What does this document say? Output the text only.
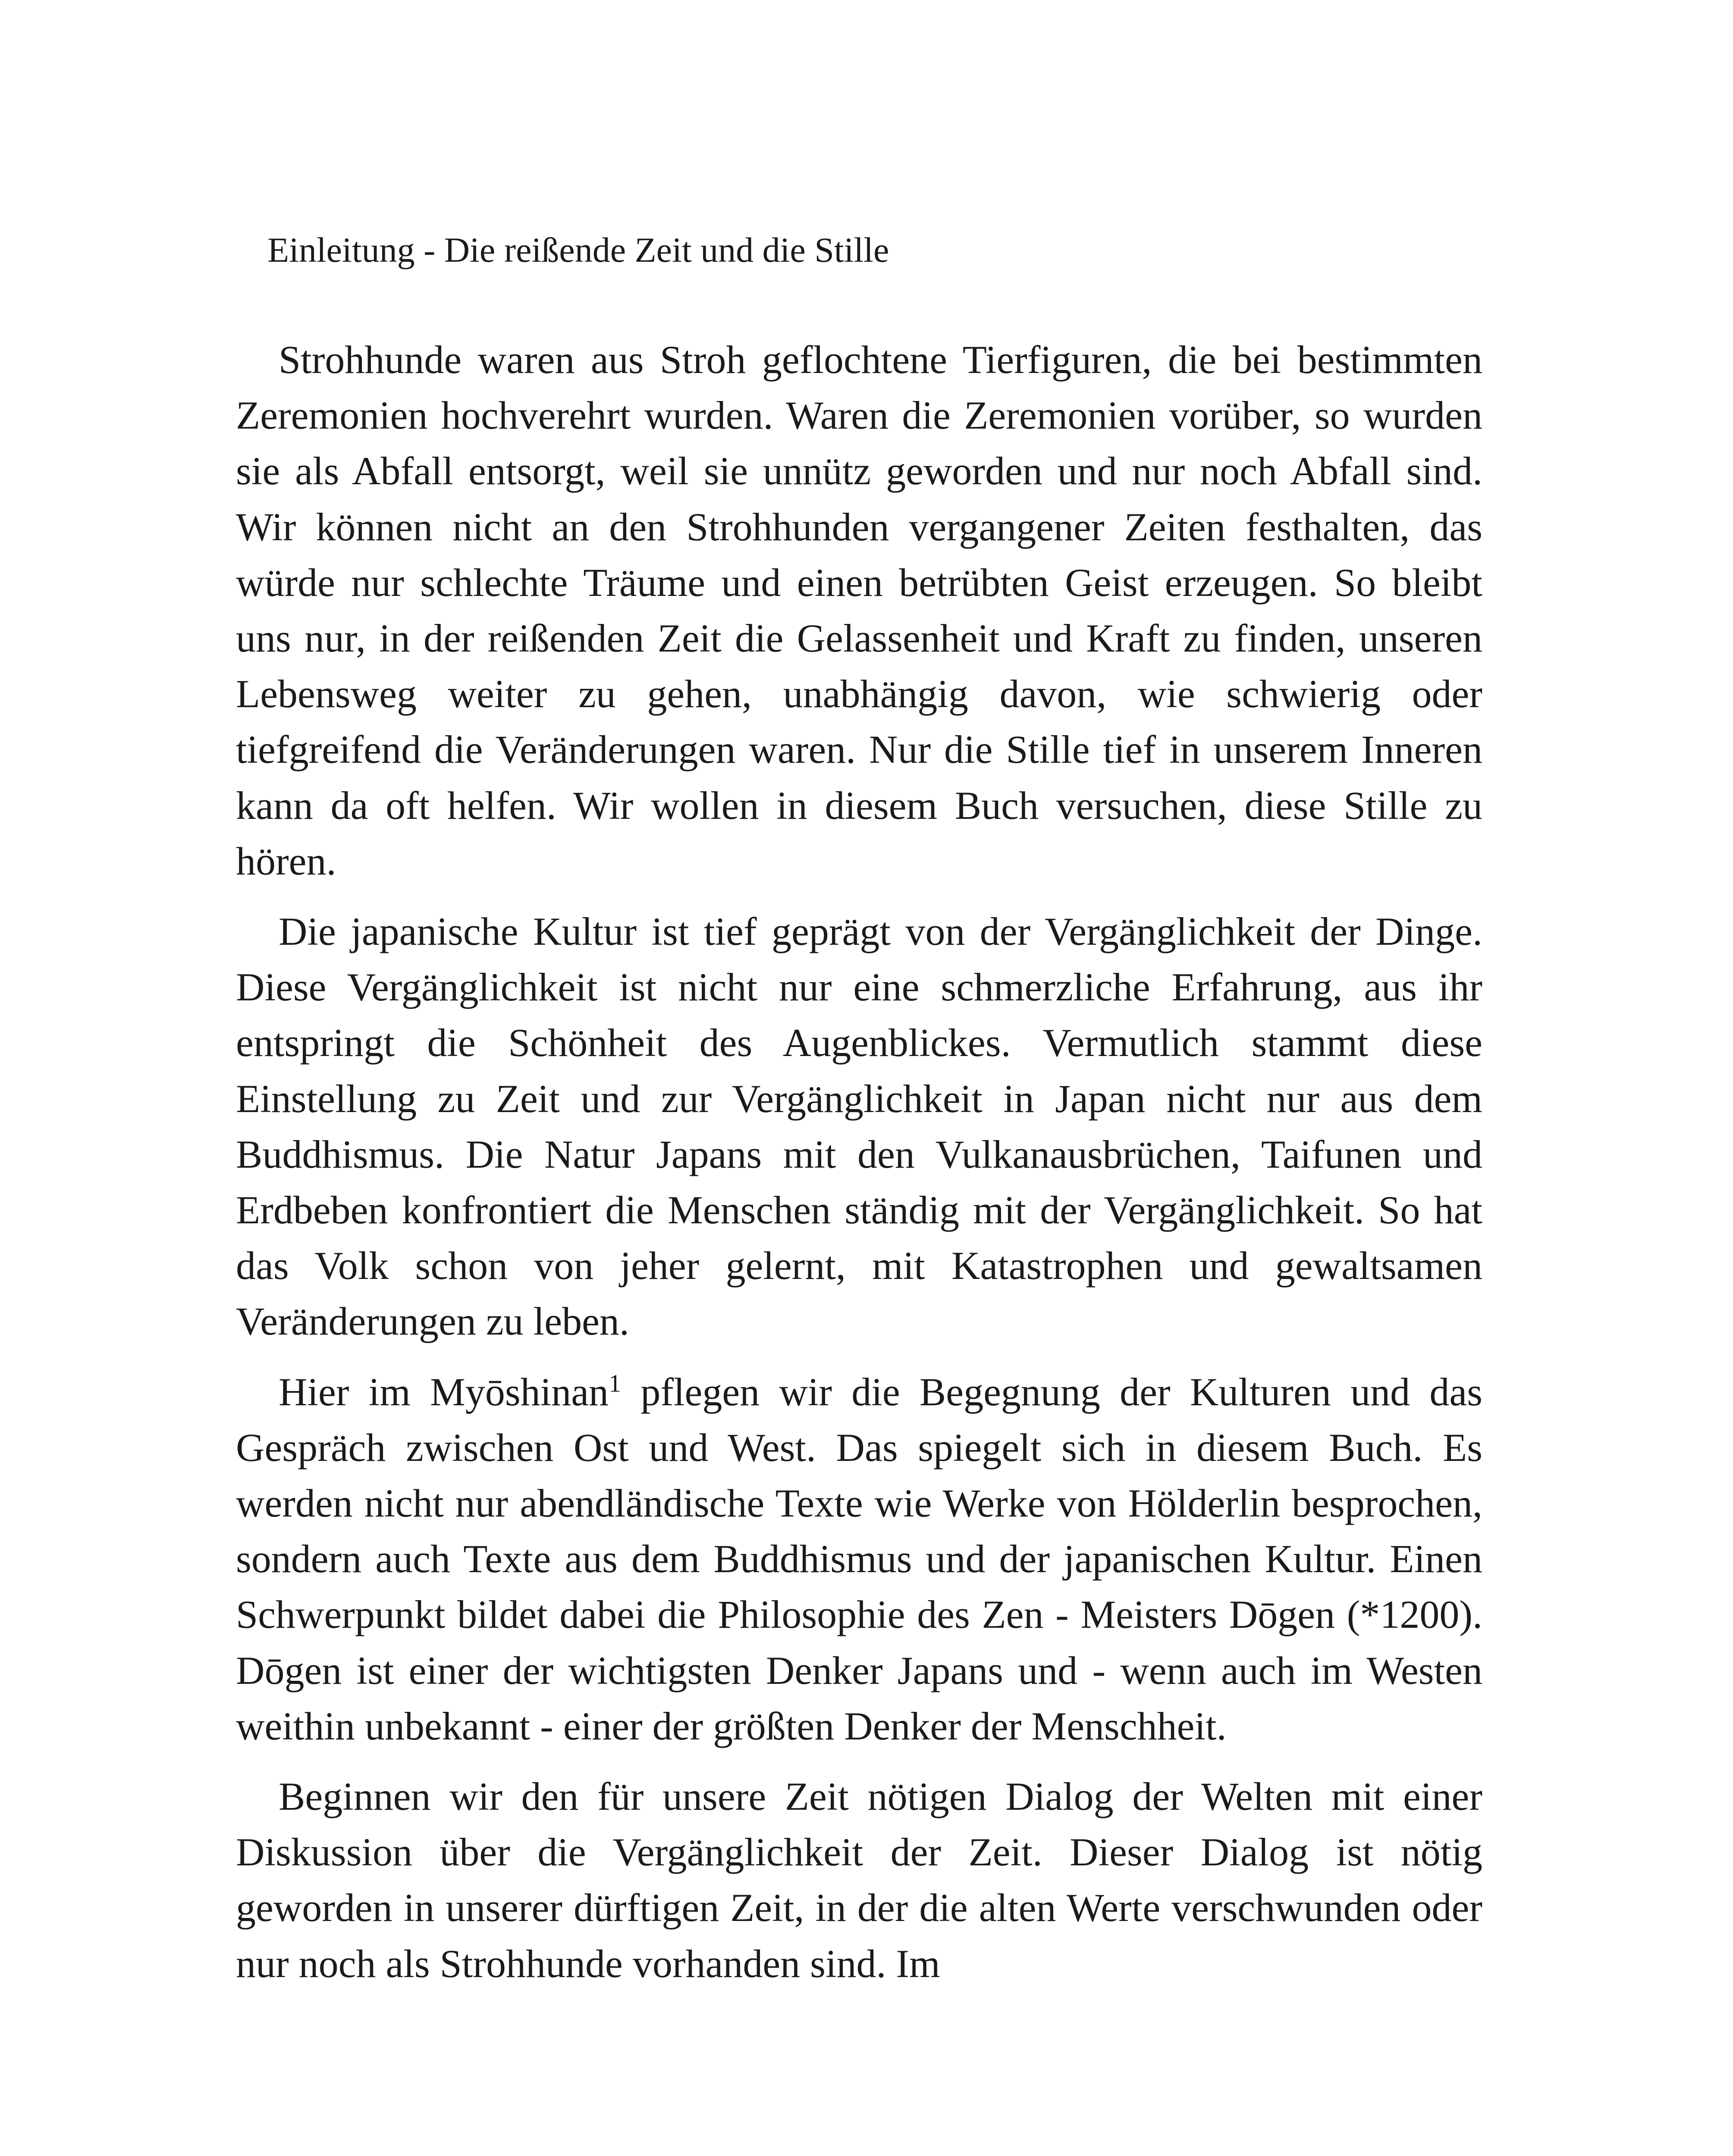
Einleitung - Die reißende Zeit und die Stille

Strohhunde waren aus Stroh geflochtene Tierfiguren, die bei bestimmten Zeremonien hochverehrt wurden. Waren die Zeremonien vorüber, so wurden sie als Abfall entsorgt, weil sie unnütz geworden und nur noch Abfall sind. Wir können nicht an den Strohhunden vergangener Zeiten festhalten, das würde nur schlechte Träume und einen betrübten Geist erzeugen. So bleibt uns nur, in der reißenden Zeit die Gelassenheit und Kraft zu finden, unseren Lebensweg weiter zu gehen, unabhängig davon, wie schwierig oder tiefgreifend die Veränderungen waren. Nur die Stille tief in unserem Inneren kann da oft helfen. Wir wollen in diesem Buch versuchen, diese Stille zu hören.

Die japanische Kultur ist tief geprägt von der Vergänglichkeit der Dinge. Diese Vergänglichkeit ist nicht nur eine schmerzliche Erfahrung, aus ihr entspringt die Schönheit des Augenblickes. Vermutlich stammt diese Einstellung zu Zeit und zur Vergänglichkeit in Japan nicht nur aus dem Buddhismus. Die Natur Japans mit den Vulkanausbrüchen, Taifunen und Erdbeben konfrontiert die Menschen ständig mit der Vergänglichkeit. So hat das Volk schon von jeher gelernt, mit Katastrophen und gewaltsamen Veränderungen zu leben.

Hier im Myōshinan$^1$ pflegen wir die Begegnung der Kulturen und das Gespräch zwischen Ost und West. Das spiegelt sich in diesem Buch. Es werden nicht nur abendländische Texte wie Werke von Hölderlin besprochen, sondern auch Texte aus dem Buddhismus und der japanischen Kultur. Einen Schwerpunkt bildet dabei die Philosophie des Zen - Meisters Dōgen (*1200). Dōgen ist einer der wichtigsten Denker Japans und - wenn auch im Westen weithin unbekannt - einer der größten Denker der Menschheit.

Beginnen wir den für unsere Zeit nötigen Dialog der Welten mit einer Diskussion über die Vergänglichkeit der Zeit. Dieser Dialog ist nötig geworden in unserer dürftigen Zeit, in der die alten Werte verschwunden oder nur noch als Strohhunde vorhanden sind. Im
